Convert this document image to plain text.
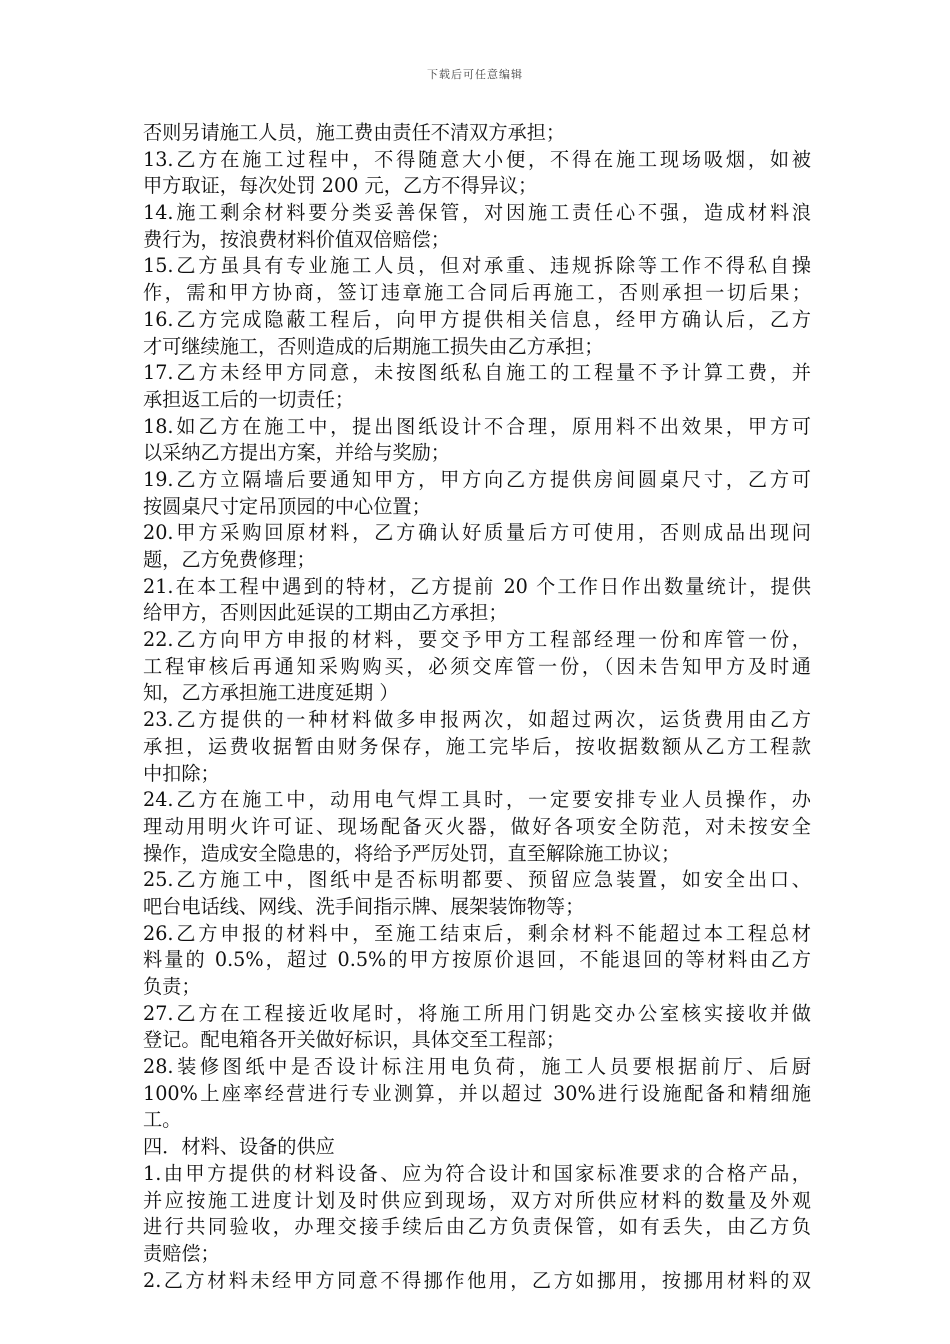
下载后可任意编辑
否则另请施工人员，施工费由责任不清双方承担；
13.乙方在施工过程中，不得随意大小便，不得在施工现场吸烟，如被
甲方取证，每次处罚 200 元，乙方不得异议；
14.施工剩余材料要分类妥善保管，对因施工责任心不强，造成材料浪
费行为，按浪费材料价值双倍赔偿；
15.乙方虽具有专业施工人员，但对承重、违规拆除等工作不得私自操
作，需和甲方协商，签订违章施工合同后再施工，否则承担一切后果；
16.乙方完成隐蔽工程后，向甲方提供相关信息，经甲方确认后，乙方
才可继续施工，否则造成的后期施工损失由乙方承担；
17.乙方未经甲方同意，未按图纸私自施工的工程量不予计算工费，并
承担返工后的一切责任；
18.如乙方在施工中，提出图纸设计不合理，原用料不出效果，甲方可
以采纳乙方提出方案，并给与奖励；
19.乙方立隔墙后要通知甲方，甲方向乙方提供房间圆桌尺寸，乙方可
按圆桌尺寸定吊顶园的中心位置；
20.甲方采购回原材料，乙方确认好质量后方可使用，否则成品出现问
题，乙方免费修理；
21.在本工程中遇到的特材，乙方提前 20 个工作日作出数量统计，提供
给甲方，否则因此延误的工期由乙方承担；
22.乙方向甲方申报的材料，要交予甲方工程部经理一份和库管一份，
工程审核后再通知采购购买，必须交库管一份，（因未告知甲方及时通
知，乙方承担施工进度延期 ）
23.乙方提供的一种材料做多申报两次，如超过两次，运货费用由乙方
承担，运费收据暂由财务保存，施工完毕后，按收据数额从乙方工程款
中扣除；
24.乙方在施工中，动用电气焊工具时，一定要安排专业人员操作，办
理动用明火许可证、现场配备灭火器，做好各项安全防范，对未按安全
操作，造成安全隐患的，将给予严厉处罚，直至解除施工协议；
25.乙方施工中，图纸中是否标明都要、预留应急装置，如安全出口、
吧台电话线、网线、洗手间指示牌、展架装饰物等；
26.乙方申报的材料中，至施工结束后，剩余材料不能超过本工程总材
料量的 0.5%，超过 0.5%的甲方按原价退回，不能退回的等材料由乙方
负责；
27.乙方在工程接近收尾时，将施工所用门钥匙交办公室核实接收并做
登记。配电箱各开关做好标识，具体交至工程部；
28.装修图纸中是否设计标注用电负荷，施工人员要根据前厅、后厨
100%上座率经营进行专业测算，并以超过 30%进行设施配备和精细施
工。
四．材料、设备的供应
1.由甲方提供的材料设备、应为符合设计和国家标准要求的合格产品，
并应按施工进度计划及时供应到现场，双方对所供应材料的数量及外观
进行共同验收，办理交接手续后由乙方负责保管，如有丢失，由乙方负
责赔偿；
2.乙方材料未经甲方同意不得挪作他用，乙方如挪用，按挪用材料的双
